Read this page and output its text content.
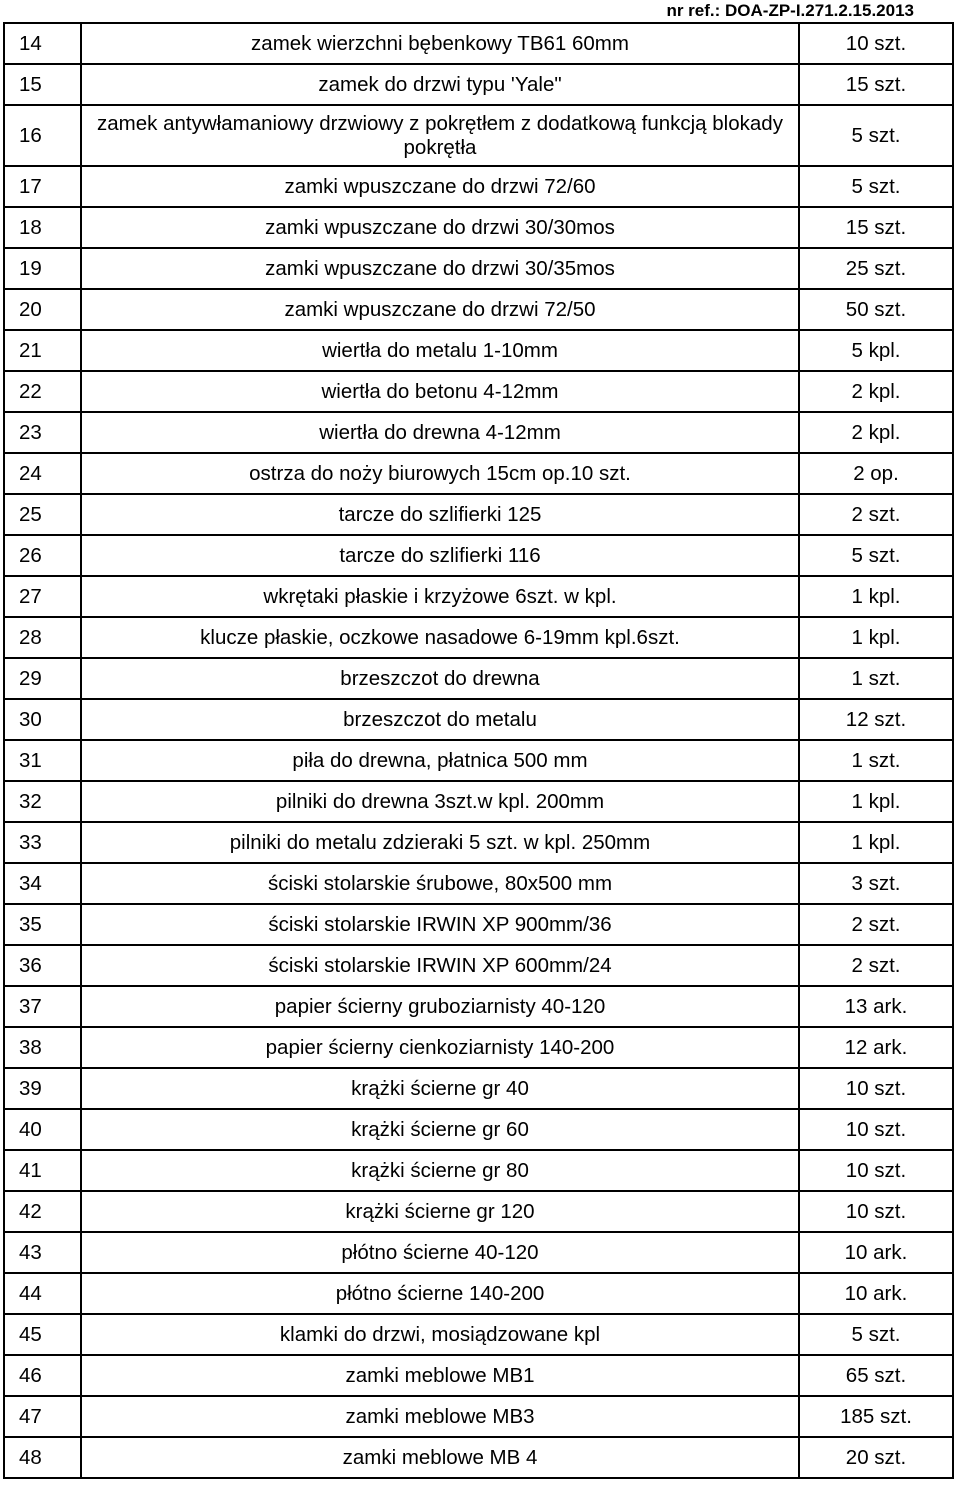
nr ref.: DOA-ZP-I.271.2.15.2013
14	zamek wierzchni bębenkowy TB61 60mm	10 szt.
15	zamek do drzwi typu 'Yale"	15 szt.
16	zamek antywłamaniowy drzwiowy z pokrętłem z dodatkową funkcją blokady pokrętła	5 szt.
17	zamki wpuszczane do drzwi 72/60	5 szt.
18	zamki wpuszczane do drzwi 30/30mos	15 szt.
19	zamki wpuszczane do drzwi 30/35mos	25 szt.
20	zamki wpuszczane do drzwi 72/50	50 szt.
21	wiertła do metalu 1-10mm	5 kpl.
22	wiertła do betonu 4-12mm	2 kpl.
23	wiertła do drewna 4-12mm	2 kpl.
24	ostrza do noży biurowych 15cm op.10 szt.	2 op.
25	tarcze do szlifierki 125	2 szt.
26	tarcze do szlifierki 116	5 szt.
27	wkrętaki płaskie i krzyżowe 6szt. w kpl.	1 kpl.
28	klucze płaskie, oczkowe nasadowe 6-19mm kpl.6szt.	1 kpl.
29	brzeszczot do drewna	1 szt.
30	brzeszczot do metalu	12 szt.
31	piła do drewna, płatnica 500 mm	1 szt.
32	pilniki do drewna 3szt.w kpl. 200mm	1 kpl.
33	pilniki do metalu zdzieraki 5 szt. w kpl. 250mm	1 kpl.
34	ściski stolarskie śrubowe, 80x500 mm	3 szt.
35	ściski stolarskie IRWIN XP 900mm/36	2 szt.
36	ściski stolarskie IRWIN XP 600mm/24	2 szt.
37	papier ścierny gruboziarnisty 40-120	13 ark.
38	papier ścierny cienkoziarnisty 140-200	12 ark.
39	krążki ścierne gr 40	10 szt.
40	krążki ścierne gr 60	10 szt.
41	krążki ścierne gr 80	10 szt.
42	krążki ścierne gr 120	10 szt.
43	płótno ścierne 40-120	10 ark.
44	płótno ścierne 140-200	10 ark.
45	klamki do drzwi, mosiądzowane kpl	5 szt.
46	zamki meblowe MB1	65 szt.
47	zamki meblowe MB3	185 szt.
48	zamki meblowe MB 4	20 szt.
